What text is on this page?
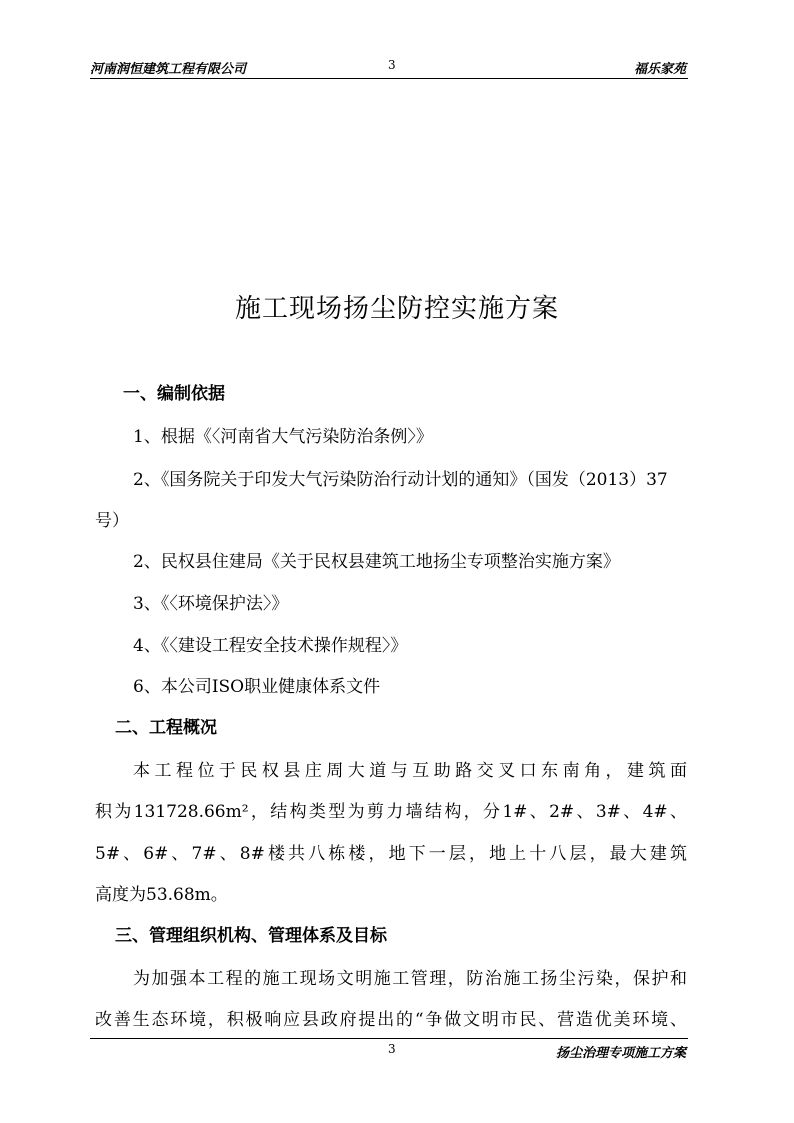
河南润恒建筑工程有限公司	3	福乐家苑
施工现场扬尘防控实施方案
一、编制依据
1、根据《〈河南省大气污染防治条例〉》
2、《国务院关于印发大气污染防治行动计划的通知》（国发（2013）37
号）
2、民权县住建局《关于民权县建筑工地扬尘专项整治实施方案》
3、《〈环境保护法〉》
4、《〈建设工程安全技术操作规程〉》
6、本公司ISO职业健康体系文件
二、工程概况
本工程位于民权县庄周大道与互助路交叉口东南角，建筑面
积为131728.66m²，结构类型为剪力墙结构，分1#、2#、3#、4#、
5#、6#、7#、8#楼共八栋楼，地下一层，地上十八层，最大建筑
高度为53.68m。
三、管理组织机构、管理体系及目标
为加强本工程的施工现场文明施工管理，防治施工扬尘污染，保护和
改善生态环境，积极响应县政府提出的“争做文明市民、营造优美环境、
3	扬尘治理专项施工方案
